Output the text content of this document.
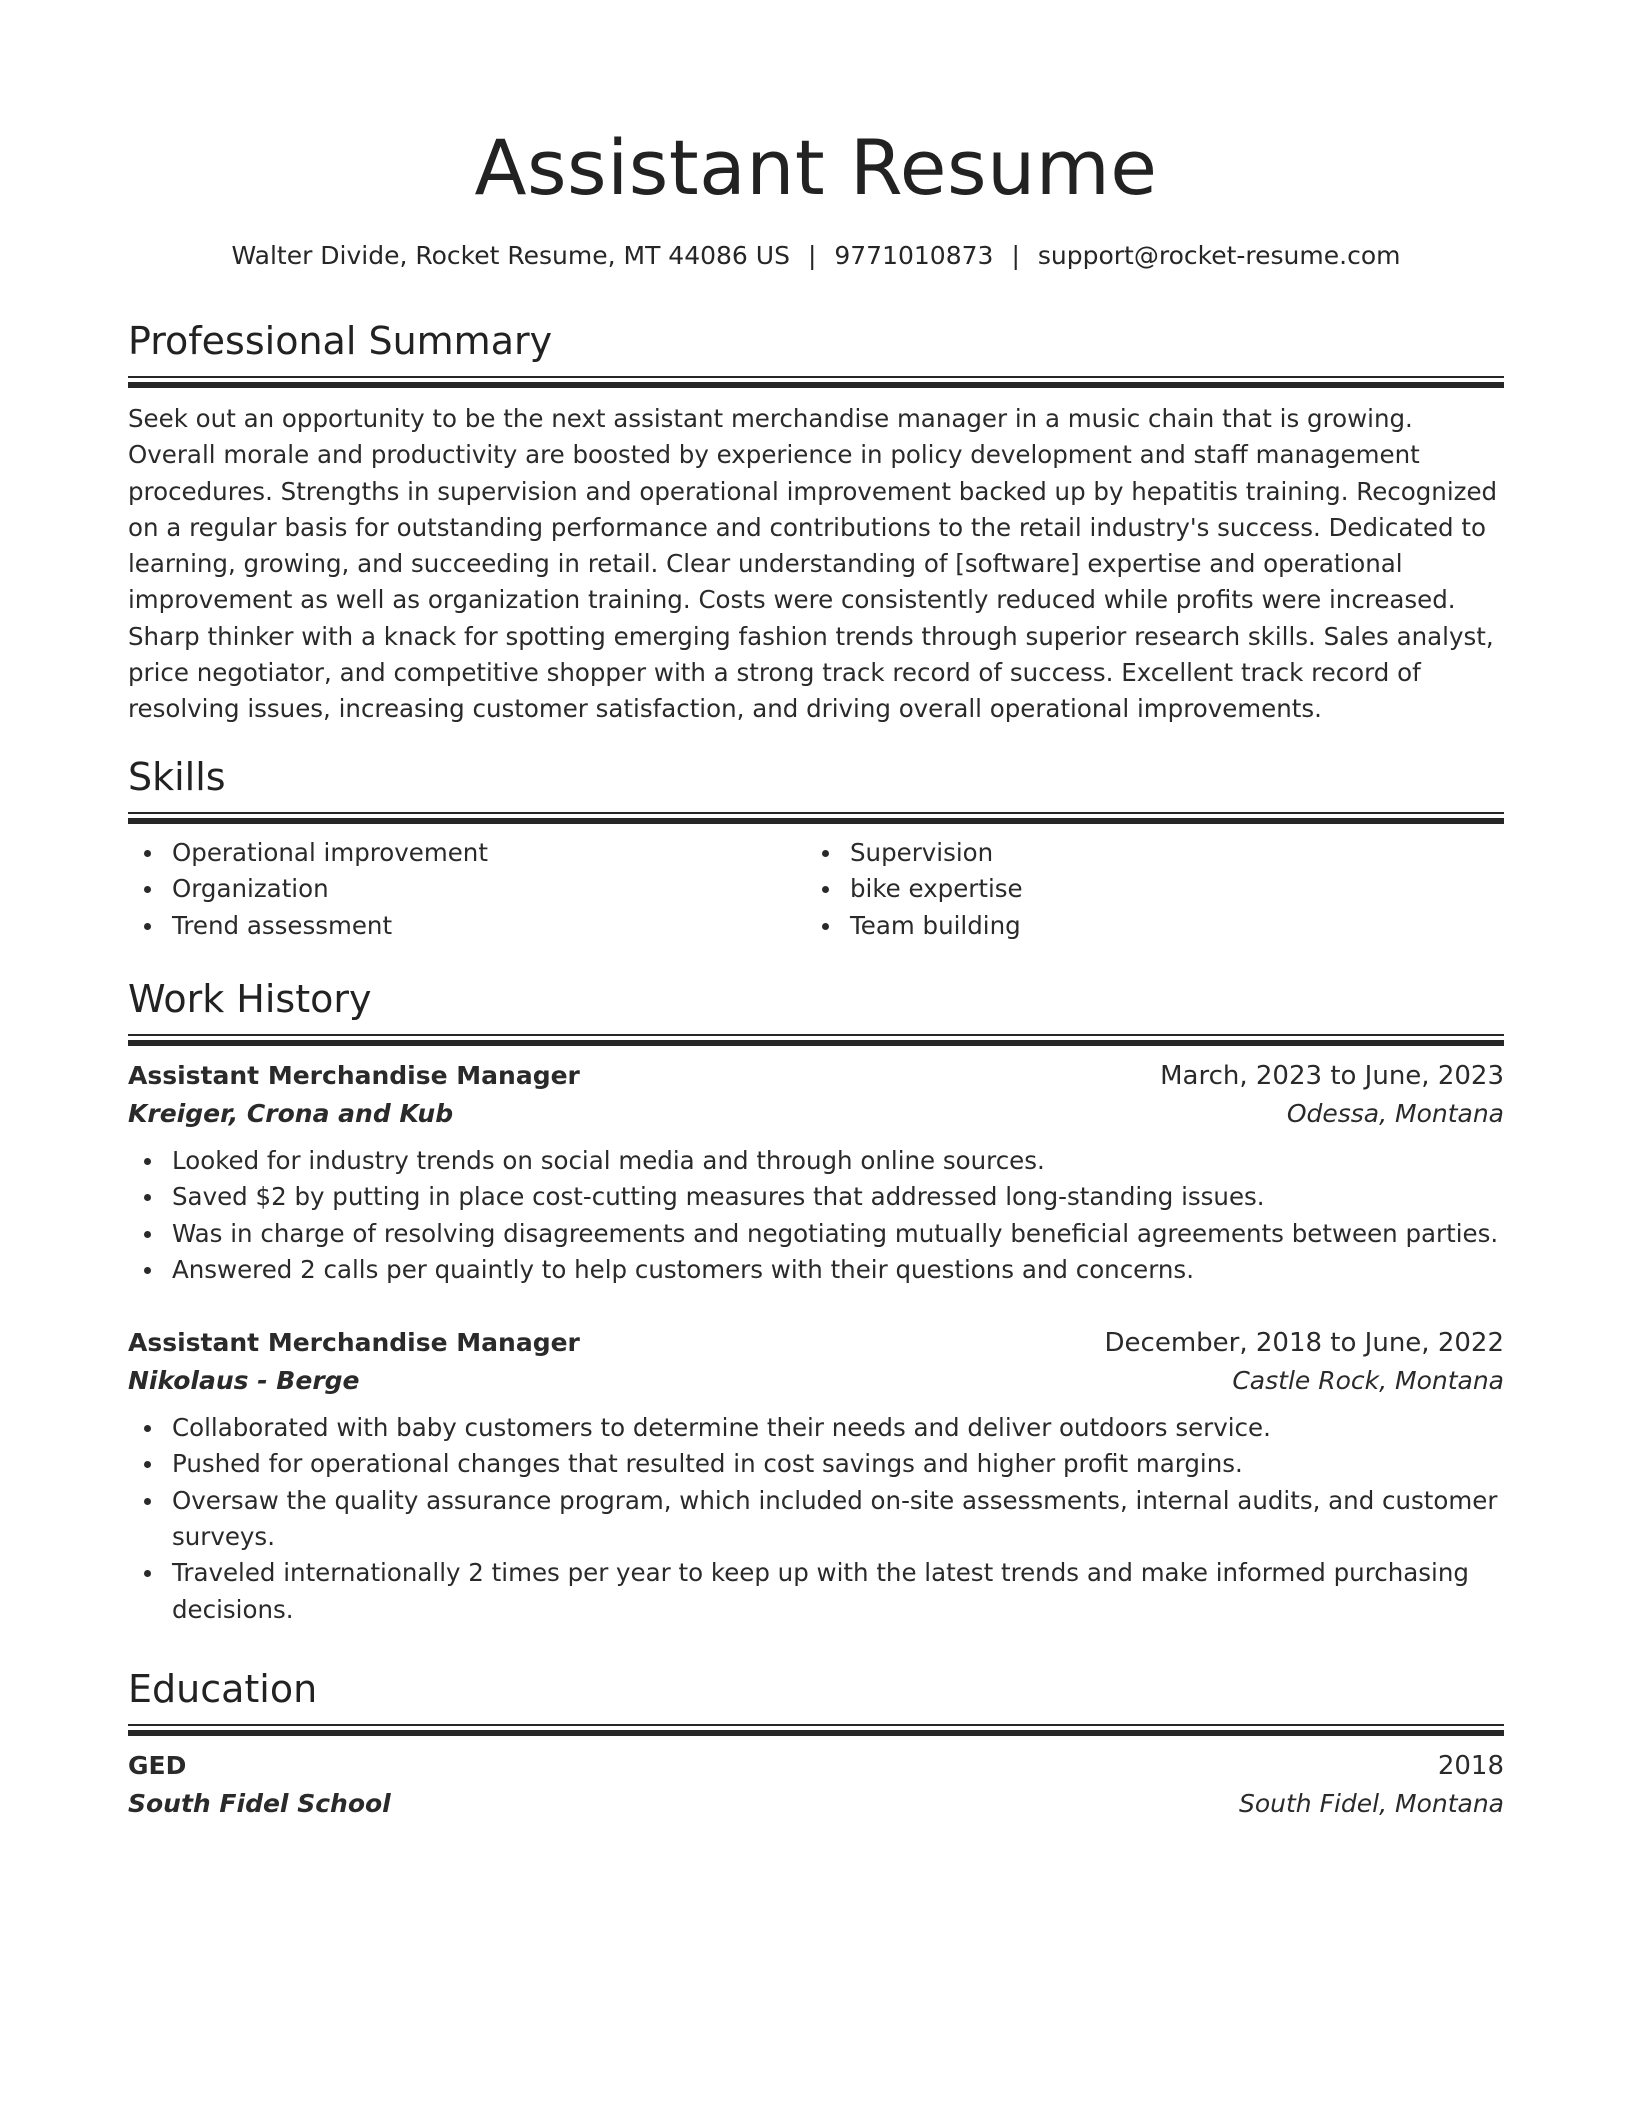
Assistant Resume
Walter Divide, Rocket Resume, MT 44086 US | 9771010873 | support@rocket-resume.com
Professional Summary
Seek out an opportunity to be the next assistant merchandise manager in a music chain that is growing. Overall morale and productivity are boosted by experience in policy development and staff management procedures. Strengths in supervision and operational improvement backed up by hepatitis training. Recognized on a regular basis for outstanding performance and contributions to the retail industry's success. Dedicated to learning, growing, and succeeding in retail. Clear understanding of [software] expertise and operational improvement as well as organization training. Costs were consistently reduced while profits were increased. Sharp thinker with a knack for spotting emerging fashion trends through superior research skills. Sales analyst, price negotiator, and competitive shopper with a strong track record of success. Excellent track record of resolving issues, increasing customer satisfaction, and driving overall operational improvements.
Skills
Operational improvement
Organization
Trend assessment
Supervision
bike expertise
Team building
Work History
Assistant Merchandise Manager	March, 2023 to June, 2023
Kreiger, Crona and Kub	Odessa, Montana
Looked for industry trends on social media and through online sources.
Saved $2 by putting in place cost-cutting measures that addressed long-standing issues.
Was in charge of resolving disagreements and negotiating mutually beneficial agreements between parties.
Answered 2 calls per quaintly to help customers with their questions and concerns.
Assistant Merchandise Manager	December, 2018 to June, 2022
Nikolaus - Berge	Castle Rock, Montana
Collaborated with baby customers to determine their needs and deliver outdoors service.
Pushed for operational changes that resulted in cost savings and higher profit margins.
Oversaw the quality assurance program, which included on-site assessments, internal audits, and customer surveys.
Traveled internationally 2 times per year to keep up with the latest trends and make informed purchasing decisions.
Education
GED	2018
South Fidel School	South Fidel, Montana
